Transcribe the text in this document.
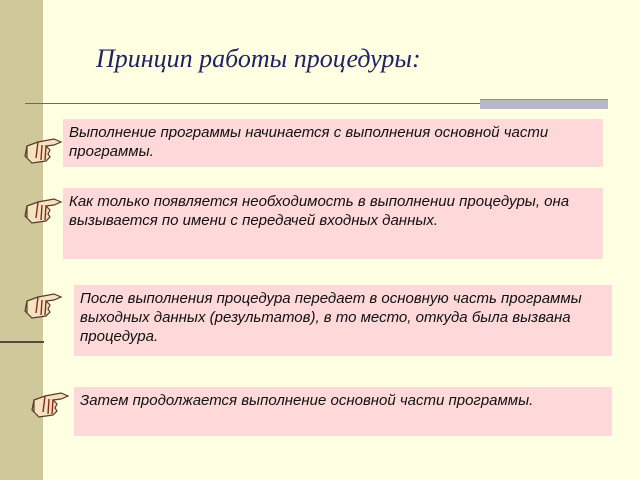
Принцип работы процедуры:
Выполнение программы начинается с выполнения основной части программы.
Как только появляется необходимость в выполнении процедуры, она вызывается по имени с передачей входных данных.
После выполнения процедура передает в основную часть программы выходных данных (результатов), в то место, откуда была вызвана процедура.
Затем продолжается выполнение основной части программы.
